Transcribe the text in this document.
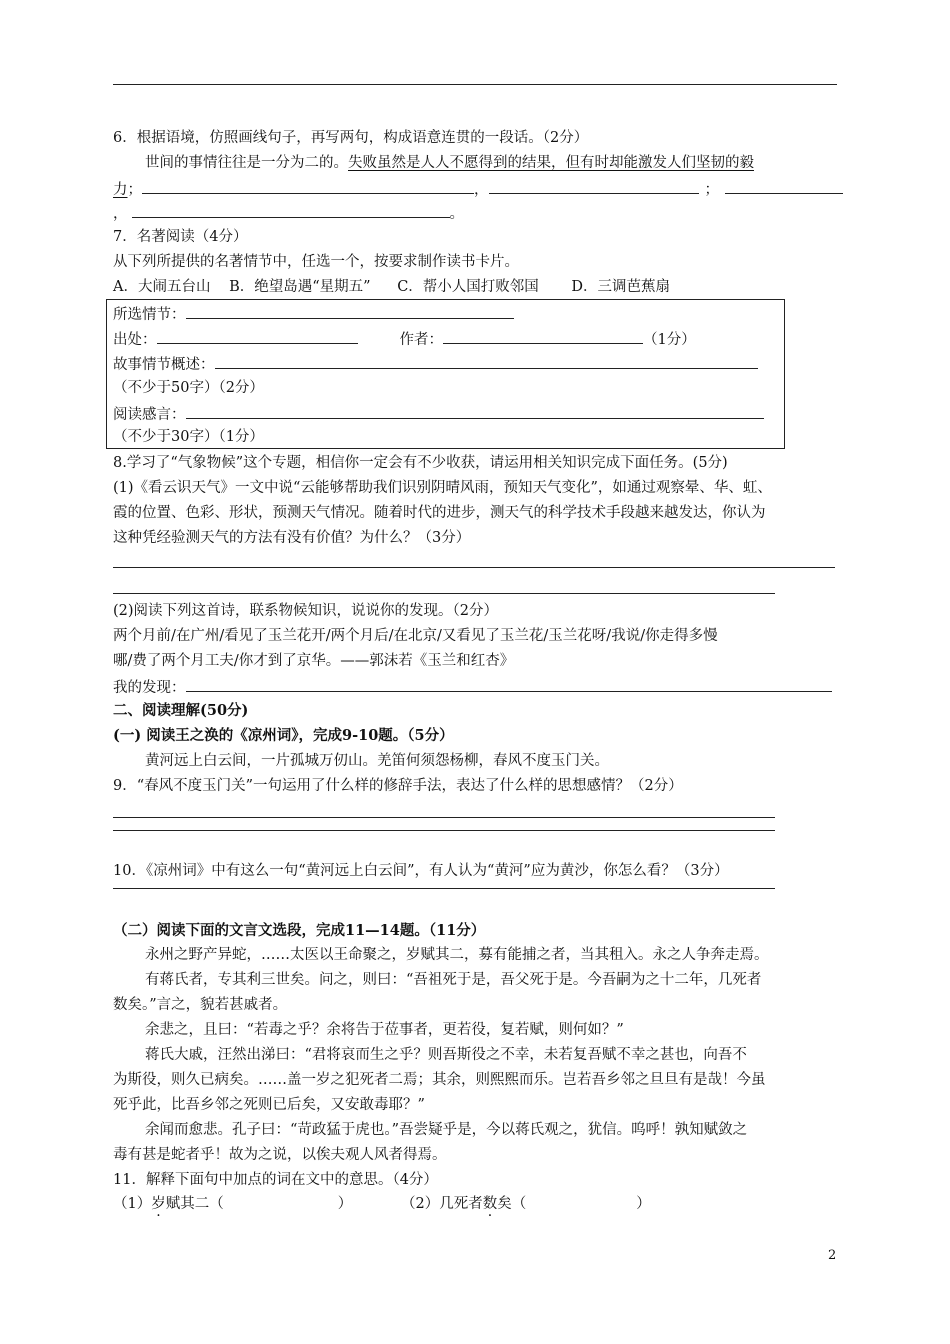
6．根据语境，仿照画线句子，再写两句，构成语意连贯的一段话。（2分）
世间的事情往往是一分为二的。失败虽然是人人不愿得到的结果，但有时却能激发人们坚韧的毅
力；	，	；
，	。
7．名著阅读（4分）
从下列所提供的名著情节中，任选一个，按要求制作读书卡片。
A．大闹五台山 B．绝望岛遇“星期五” C．帮小人国打败邻国 D．三调芭蕉扇
所选情节：
出处：	作者：	（1分）
故事情节概述：
（不少于50字）（2分）
阅读感言：
（不少于30字）（1分）
8.学习了“气象物候”这个专题，相信你一定会有不少收获，请运用相关知识完成下面任务。(5分)
(1)《看云识天气》一文中说“云能够帮助我们识别阴晴风雨，预知天气变化”，如通过观察晕、华、虹、
霞的位置、色彩、形状，预测天气情况。随着时代的进步，测天气的科学技术手段越来越发达，你认为
这种凭经验测天气的方法有没有价值？为什么？（3分）
(2)阅读下列这首诗，联系物候知识，说说你的发现。（2分）
两个月前/在广州/看见了玉兰花开/两个月后/在北京/又看见了玉兰花/玉兰花呀/我说/你走得多慢
哪/费了两个月工夫/你才到了京华。——郭沫若《玉兰和红杏》
我的发现：
二、阅读理解(50分)
(一) 阅读王之涣的《凉州词》，完成9-10题。（5分）
黄河远上白云间，一片孤城万仞山。羌笛何须怨杨柳，春风不度玉门关。
9．“春风不度玉门关”一句运用了什么样的修辞手法，表达了什么样的思想感情？（2分）
10．《凉州词》中有这么一句“黄河远上白云间”，有人认为“黄河”应为黄沙，你怎么看？（3分）
（二）阅读下面的文言文选段，完成11—14题。（11分）
永州之野产异蛇，……太医以王命聚之，岁赋其二，募有能捕之者，当其租入。永之人争奔走焉。
有蒋氏者，专其利三世矣。问之，则曰：“吾祖死于是，吾父死于是。今吾嗣为之十二年，几死者
数矣。”言之，貌若甚戚者。
余悲之，且曰：“若毒之乎？余将告于莅事者，更若役，复若赋，则何如？”
蒋氏大戚，汪然出涕曰：“君将哀而生之乎？则吾斯役之不幸，未若复吾赋不幸之甚也，向吾不
为斯役，则久已病矣。……盖一岁之犯死者二焉；其余，则熙熙而乐。岂若吾乡邻之旦旦有是哉！今虽
死乎此，比吾乡邻之死则已后矣，又安敢毒耶？”
余闻而愈悲。孔子曰：“苛政猛于虎也。”吾尝疑乎是，今以蒋氏观之，犹信。呜呼！孰知赋敛之
毒有甚是蛇者乎！故为之说，以俟夫观人风者得焉。
11．解释下面句中加点的词在文中的意思。（4分）
（1）岁赋其二（	）	（2）几死者数矣（	）
2
